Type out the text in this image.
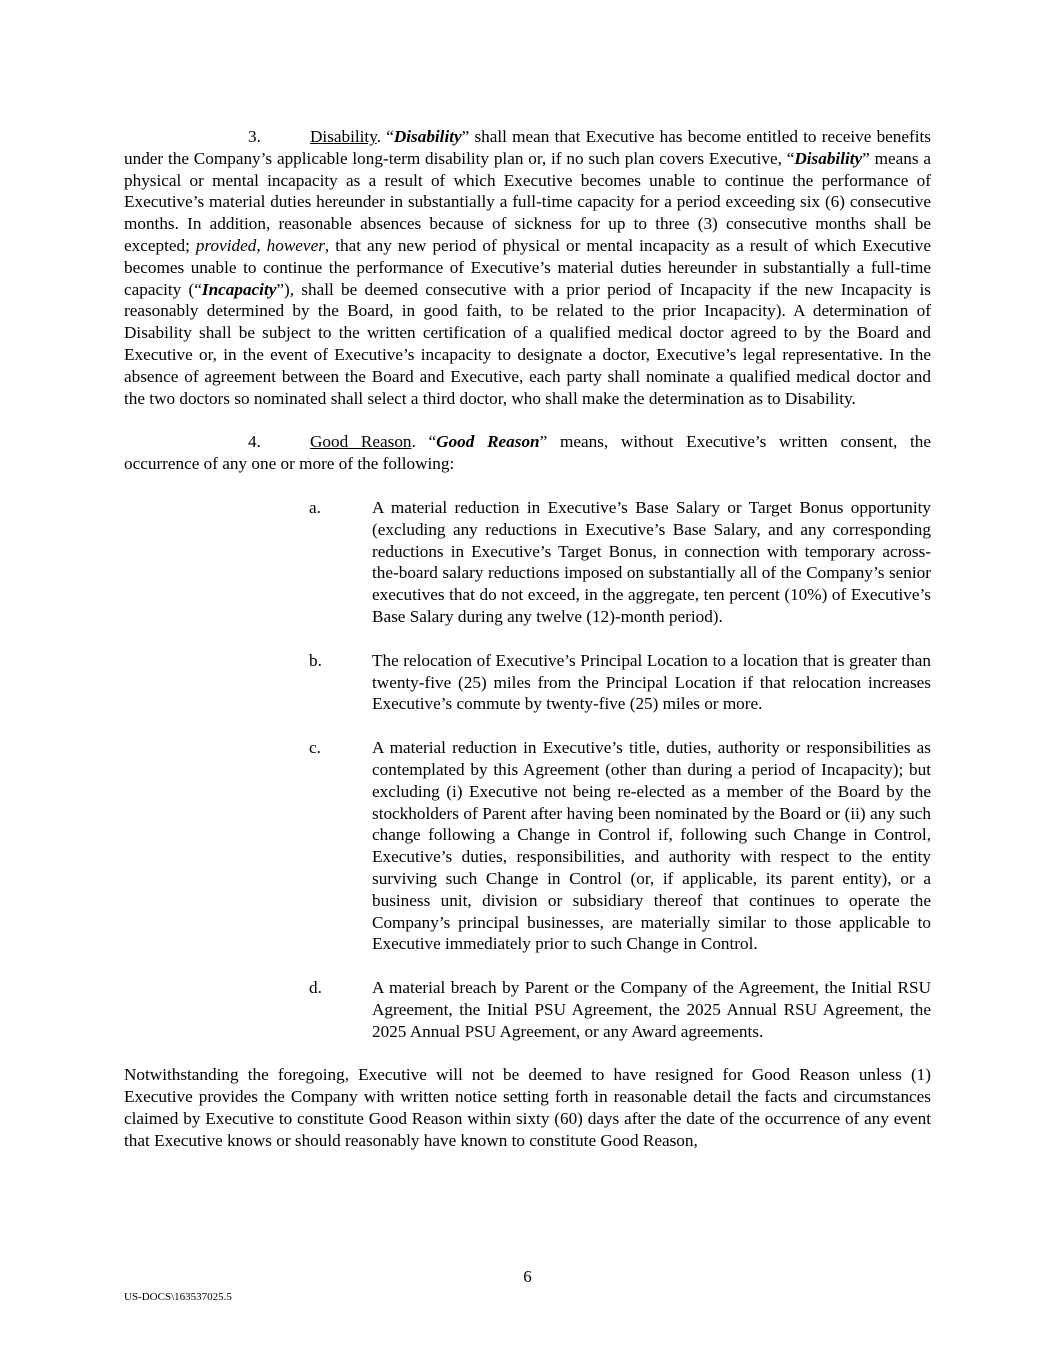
3.	Disability. “Disability” shall mean that Executive has become entitled to receive benefits under the Company’s applicable long-term disability plan or, if no such plan covers Executive, “Disability” means a physical or mental incapacity as a result of which Executive becomes unable to continue the performance of Executive’s material duties hereunder in substantially a full-time capacity for a period exceeding six (6) consecutive months. In addition, reasonable absences because of sickness for up to three (3) consecutive months shall be excepted; provided, however, that any new period of physical or mental incapacity as a result of which Executive becomes unable to continue the performance of Executive’s material duties hereunder in substantially a full-time capacity (“Incapacity”), shall be deemed consecutive with a prior period of Incapacity if the new Incapacity is reasonably determined by the Board, in good faith, to be related to the prior Incapacity). A determination of Disability shall be subject to the written certification of a qualified medical doctor agreed to by the Board and Executive or, in the event of Executive’s incapacity to designate a doctor, Executive’s legal representative. In the absence of agreement between the Board and Executive, each party shall nominate a qualified medical doctor and the two doctors so nominated shall select a third doctor, who shall make the determination as to Disability.

4.	Good Reason. “Good Reason” means, without Executive’s written consent, the occurrence of any one or more of the following:

a.	A material reduction in Executive’s Base Salary or Target Bonus opportunity (excluding any reductions in Executive’s Base Salary, and any corresponding reductions in Executive’s Target Bonus, in connection with temporary across-the-board salary reductions imposed on substantially all of the Company’s senior executives that do not exceed, in the aggregate, ten percent (10%) of Executive’s Base Salary during any twelve (12)-month period).

b.	The relocation of Executive’s Principal Location to a location that is greater than twenty-five (25) miles from the Principal Location if that relocation increases Executive’s commute by twenty-five (25) miles or more.

c.	A material reduction in Executive’s title, duties, authority or responsibilities as contemplated by this Agreement (other than during a period of Incapacity); but excluding (i) Executive not being re-elected as a member of the Board by the stockholders of Parent after having been nominated by the Board or (ii) any such change following a Change in Control if, following such Change in Control, Executive’s duties, responsibilities, and authority with respect to the entity surviving such Change in Control (or, if applicable, its parent entity), or a business unit, division or subsidiary thereof that continues to operate the Company’s principal businesses, are materially similar to those applicable to Executive immediately prior to such Change in Control.

d.	A material breach by Parent or the Company of the Agreement, the Initial RSU Agreement, the Initial PSU Agreement, the 2025 Annual RSU Agreement, the 2025 Annual PSU Agreement, or any Award agreements.

Notwithstanding the foregoing, Executive will not be deemed to have resigned for Good Reason unless (1) Executive provides the Company with written notice setting forth in reasonable detail the facts and circumstances claimed by Executive to constitute Good Reason within sixty (60) days after the date of the occurrence of any event that Executive knows or should reasonably have known to constitute Good Reason,

6
US-DOCS\163537025.5
